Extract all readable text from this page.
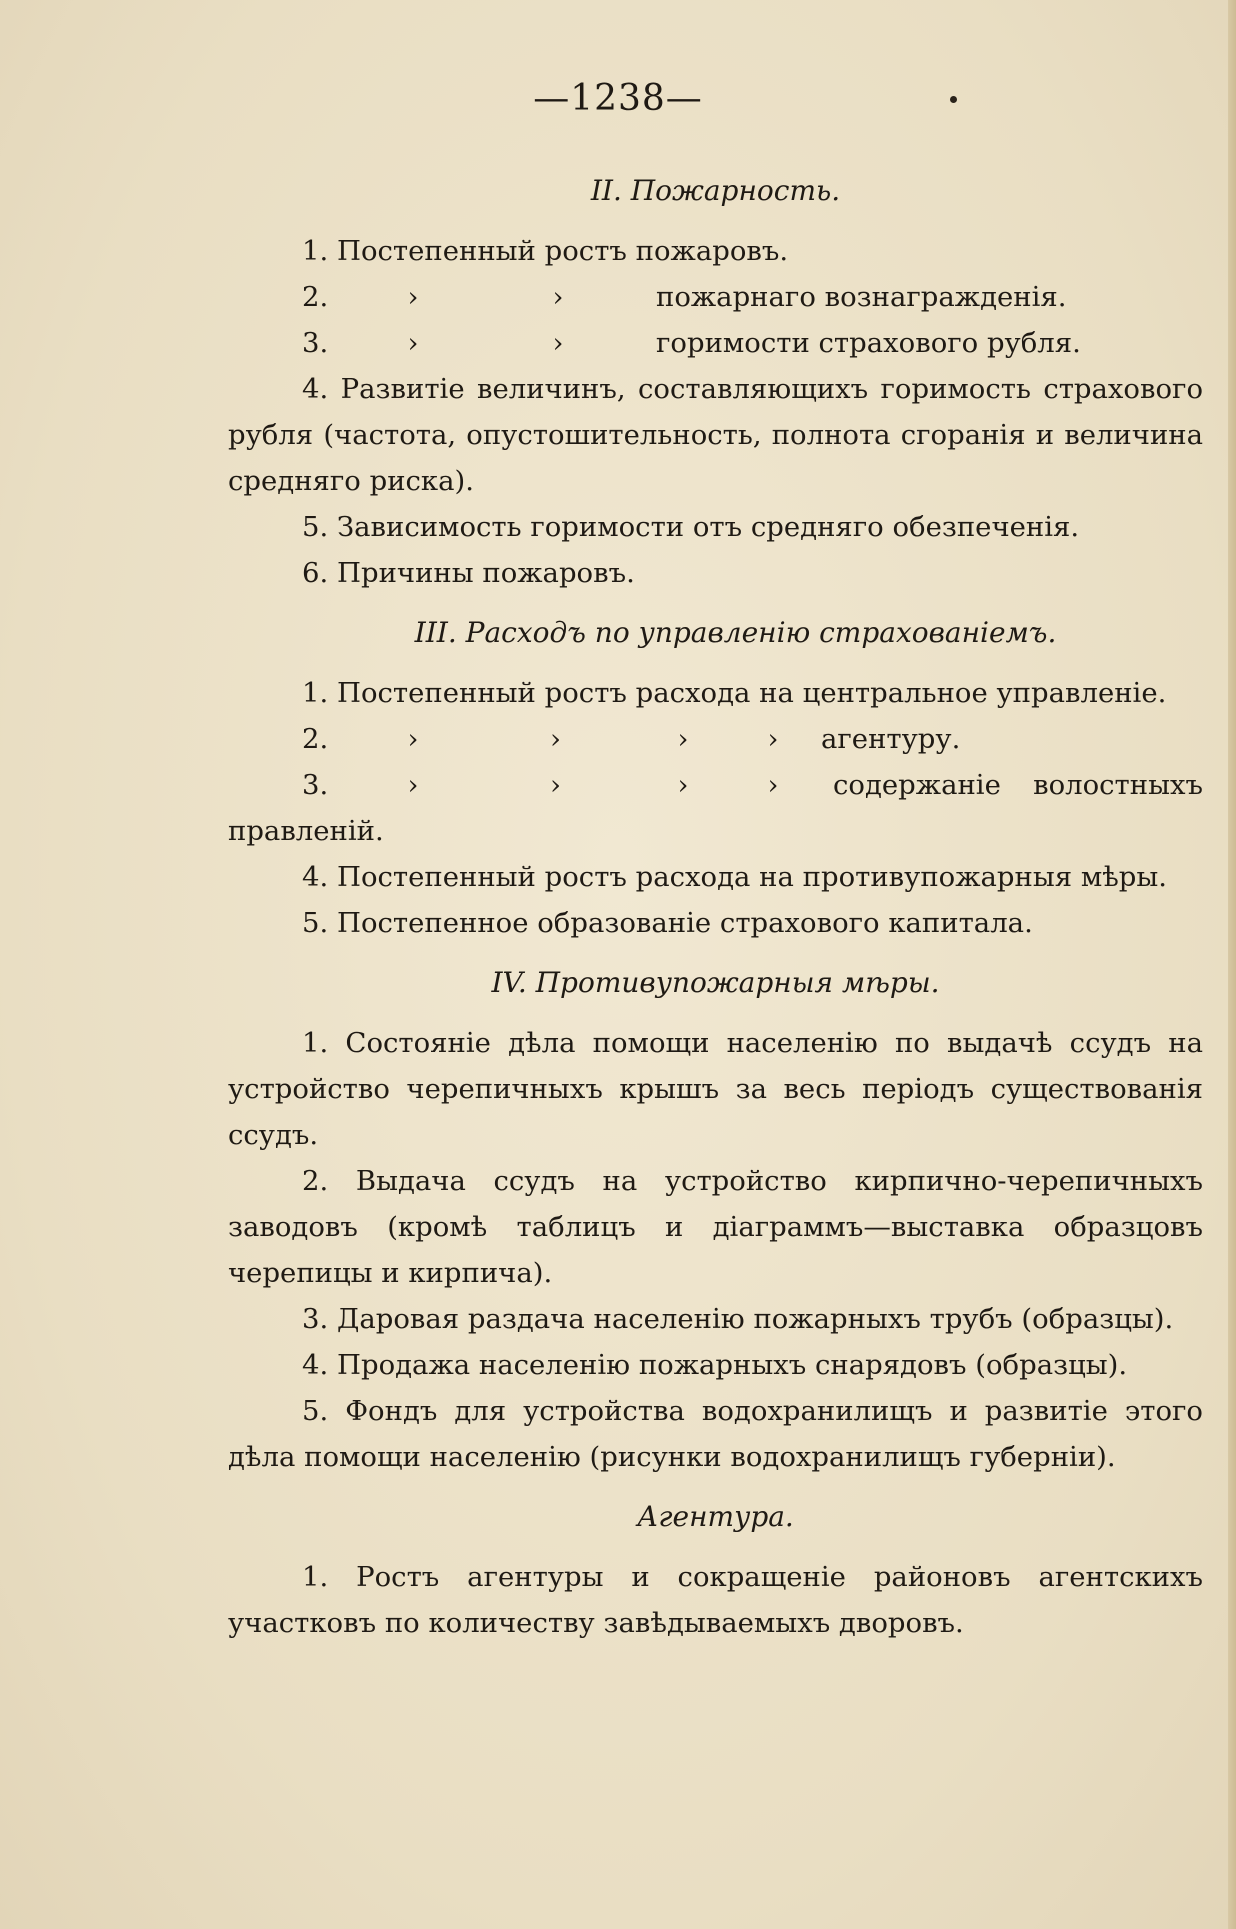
—1238—
II. Пожарность.
1. Постепенный ростъ пожаровъ.
2.	›	›	пожарнаго вознагражденія.
3.	›	›	горимости страхового рубля.
4. Развитіе величинъ, составляющихъ горимость страхового рубля (частота, опустошительность, полнота сгоранія и величина средняго риска).
5. Зависимость горимости отъ средняго обезпеченія.
6. Причины пожаровъ.
III. Расходъ по управленію страхованіемъ.
1. Постепенный ростъ расхода на центральное управленіе.
2.	›	›	›	›	агентуру.
3.	›	›	›	›	содержаніе волостныхъ
правленій.
4. Постепенный ростъ расхода на противупожарныя мѣры.
5. Постепенное образованіе страхового капитала.
IV. Противупожарныя мѣры.
1. Состояніе дѣла помощи населенію по выдачѣ ссудъ на устройство черепичныхъ крышъ за весь періодъ существованія ссудъ.
2. Выдача ссудъ на устройство кирпично-черепичныхъ заводовъ (кромѣ таблицъ и діаграммъ—выставка образцовъ черепицы и кирпича).
3. Даровая раздача населенію пожарныхъ трубъ (образцы).
4. Продажа населенію пожарныхъ снарядовъ (образцы).
5. Фондъ для устройства водохранилищъ и развитіе этого дѣла помощи населенію (рисунки водохранилищъ губерніи).
Агентура.
1. Ростъ агентуры и сокращеніе районовъ агентскихъ участковъ по количеству завѣдываемыхъ дворовъ.
